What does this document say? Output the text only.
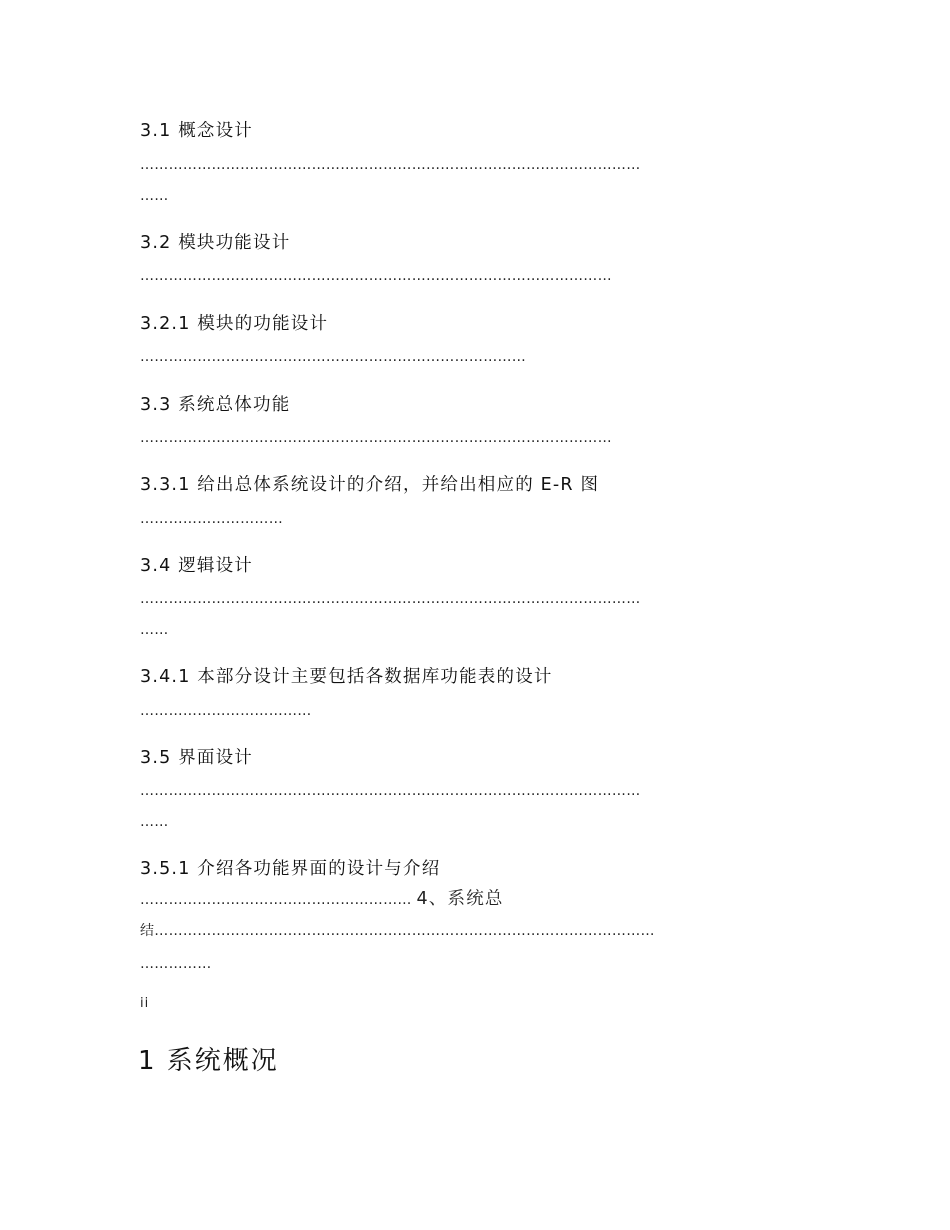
3.1 概念设计

……………………………………………………………………………………………

……

3.2 模块功能设计

………………………………………………………………………………………

3.2.1 模块的功能设计

………………………………………………………………………

3.3 系统总体功能

………………………………………………………………………………………

3.3.1 给出总体系统设计的介绍，并给出相应的 E-R 图

…………………………

3.4 逻辑设计

……………………………………………………………………………………………

……

3.4.1 本部分设计主要包括各数据库功能表的设计

………………………………

3.5 界面设计

……………………………………………………………………………………………

……

3.5.1 介绍各功能界面的设计与介绍

………………………………………………… 4、系统总

结……………………………………………………………………………………………

……………

ii

1 系统概况
